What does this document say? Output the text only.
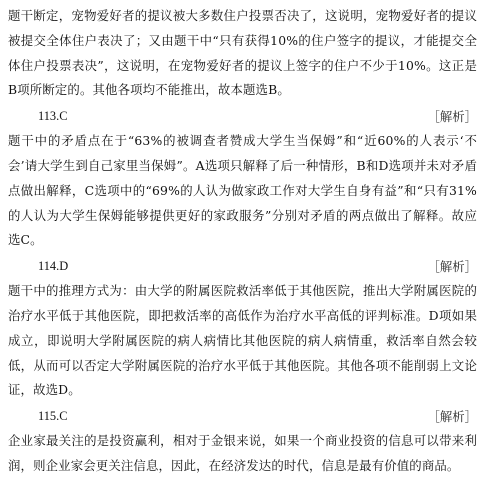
题干断定，宠物爱好者的提议被大多数住户投票否决了，这说明，宠物爱好者的提议被提交全体住户表决了；又由题干中“只有获得10%的住户签字的提议，才能提交全体住户投票表决”，这说明，在宠物爱好者的提议上签字的住户不少于10%。这正是B项所断定的。其他各项均不能推出，故本题选B。

113.C	［解析］

题干中的矛盾点在于“63%的被调查者赞成大学生当保姆”和“近60%的人表示‘不会’请大学生到自己家里当保姆”。A选项只解释了后一种情形，B和D选项并未对矛盾点做出解释，C选项中的“69%的人认为做家政工作对大学生自身有益”和“只有31%的人认为大学生保姆能够提供更好的家政服务”分别对矛盾的两点做出了解释。故应选C。

114.D	［解析］

题干中的推理方式为：由大学的附属医院救活率低于其他医院，推出大学附属医院的治疗水平低于其他医院，即把救活率的高低作为治疗水平高低的评判标准。D项如果成立，即说明大学附属医院的病人病情比其他医院的病人病情重，救活率自然会较低，从而可以否定大学附属医院的治疗水平低于其他医院。其他各项不能削弱上文论证，故选D。

115.C	［解析］

企业家最关注的是投资赢利，相对于金银来说，如果一个商业投资的信息可以带来利润，则企业家会更关注信息，因此，在经济发达的时代，信息是最有价值的商品。
